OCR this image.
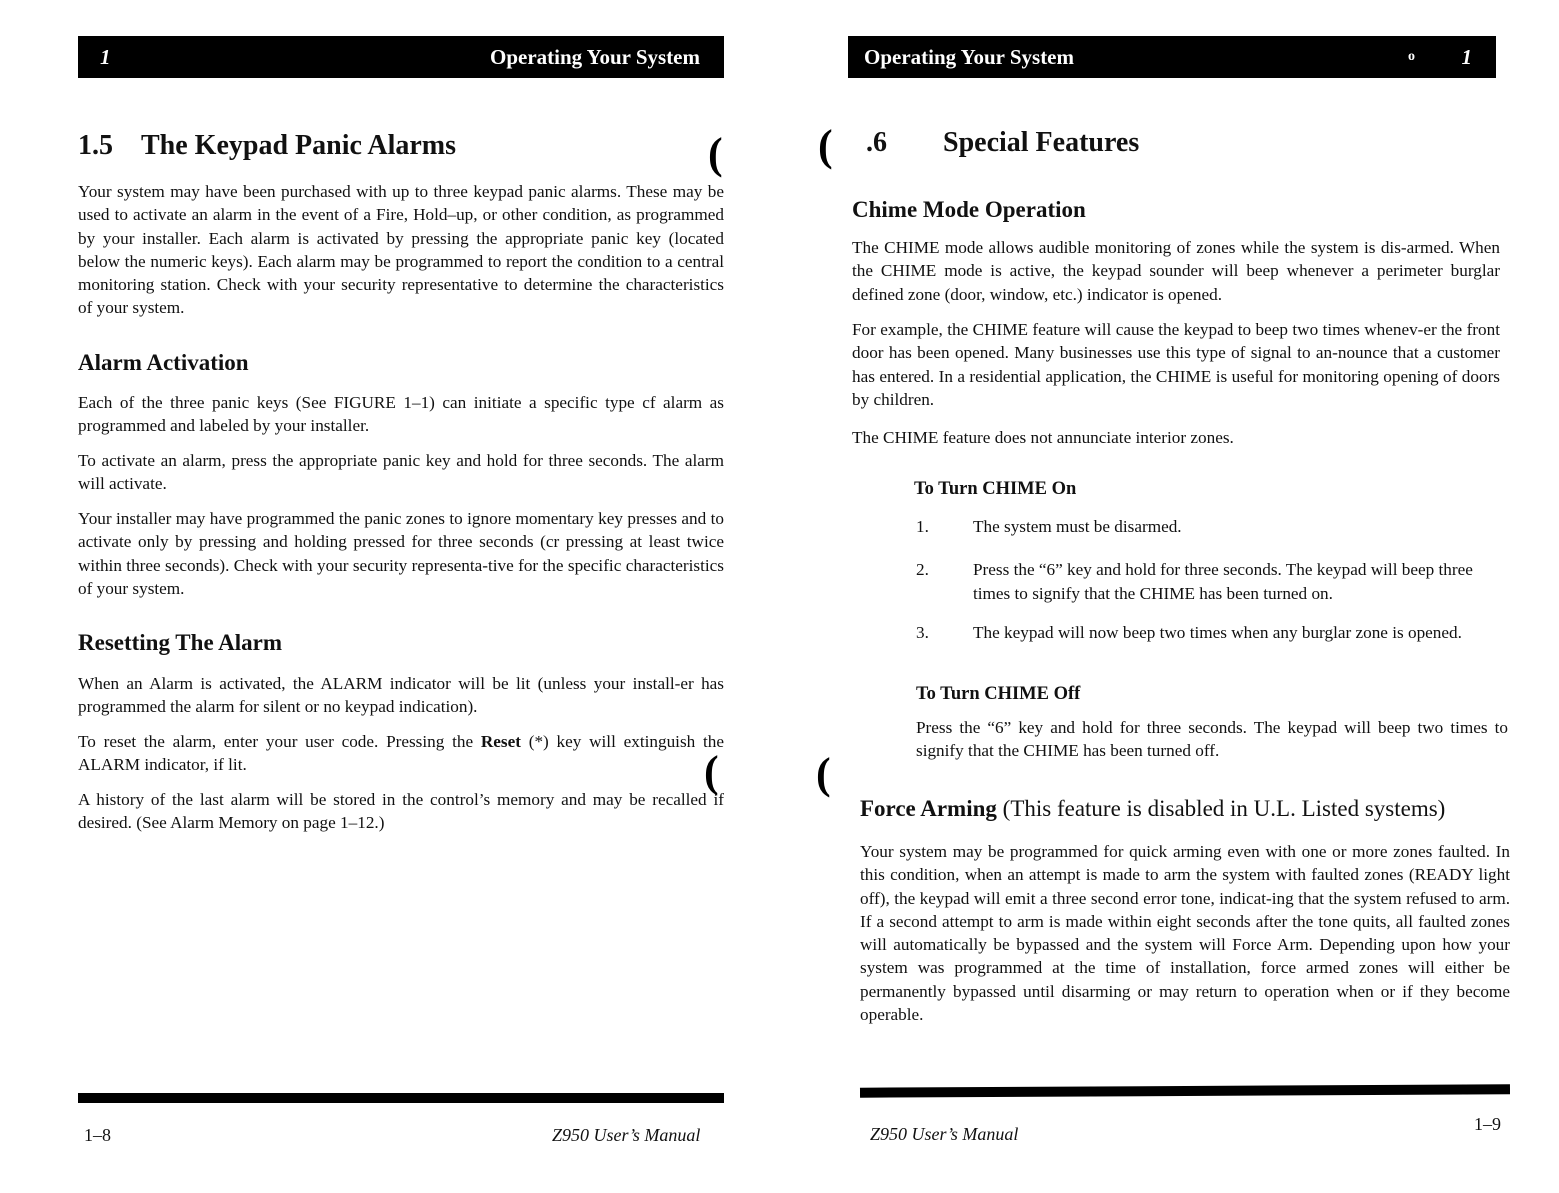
1	Operating Your System
1.5 The Keypad Panic Alarms	(

Your system may have been purchased with up to three keypad panic alarms. These may be used to activate an alarm in the event of a Fire, Hold–up, or other condition, as programmed by your installer. Each alarm is activated by pressing the appropriate panic key (located below the numeric keys). Each alarm may be programmed to report the condition to a central monitoring station. Check with your security representative to determine the characteristics of your system.

Alarm Activation

Each of the three panic keys (See FIGURE 1–1) can initiate a specific type cf alarm as programmed and labeled by your installer.

To activate an alarm, press the appropriate panic key and hold for three seconds. The alarm will activate.

Your installer may have programmed the panic zones to ignore momentary key presses and to activate only by pressing and holding pressed for three seconds (cr pressing at least twice within three seconds). Check with your security representa-tive for the specific characteristics of your system.

Resetting The Alarm

When an Alarm is activated, the ALARM indicator will be lit (unless your install-er has programmed the alarm for silent or no keypad indication).

To reset the alarm, enter your user code. Pressing the Reset (*) key will extinguish the ALARM indicator, if lit.	(

A history of the last alarm will be stored in the control’s memory and may be recalled if desired. (See Alarm Memory on page 1–12.)

1–8	Z950 User’s Manual
Operating Your System	o 1
( .6  Special Features
Chime Mode Operation

The CHIME mode allows audible monitoring of zones while the system is dis-armed. When the CHIME mode is active, the keypad sounder will beep whenever a perimeter burglar defined zone (door, window, etc.) indicator is opened.

For example, the CHIME feature will cause the keypad to beep two times whenev-er the front door has been opened. Many businesses use this type of signal to an-nounce that a customer has entered. In a residential application, the CHIME is useful for monitoring opening of doors by children.

The CHIME feature does not annunciate interior zones.

To Turn CHIME On
1.	The system must be disarmed.
2.	Press the “6” key and hold for three seconds. The keypad will beep three times to signify that the CHIME has been turned on.
3.	The keypad will now beep two times when any burglar zone is opened.
To Turn CHIME Off

Press the “6” key and hold for three seconds. The keypad will beep two times to signify that the CHIME has been turned off.

(
Force Arming (This feature is disabled in U.L. Listed systems)

Your system may be programmed for quick arming even with one or more zones faulted. In this condition, when an attempt is made to arm the system with faulted zones (READY light off), the keypad will emit a three second error tone, indicat-ing that the system refused to arm. If a second attempt to arm is made within eight seconds after the tone quits, all faulted zones will automatically be bypassed and the system will Force Arm. Depending upon how your system was programmed at the time of installation, force armed zones will either be permanently bypassed until disarming or may return to operation when or if they become operable.

Z950 User’s Manual	1–9
